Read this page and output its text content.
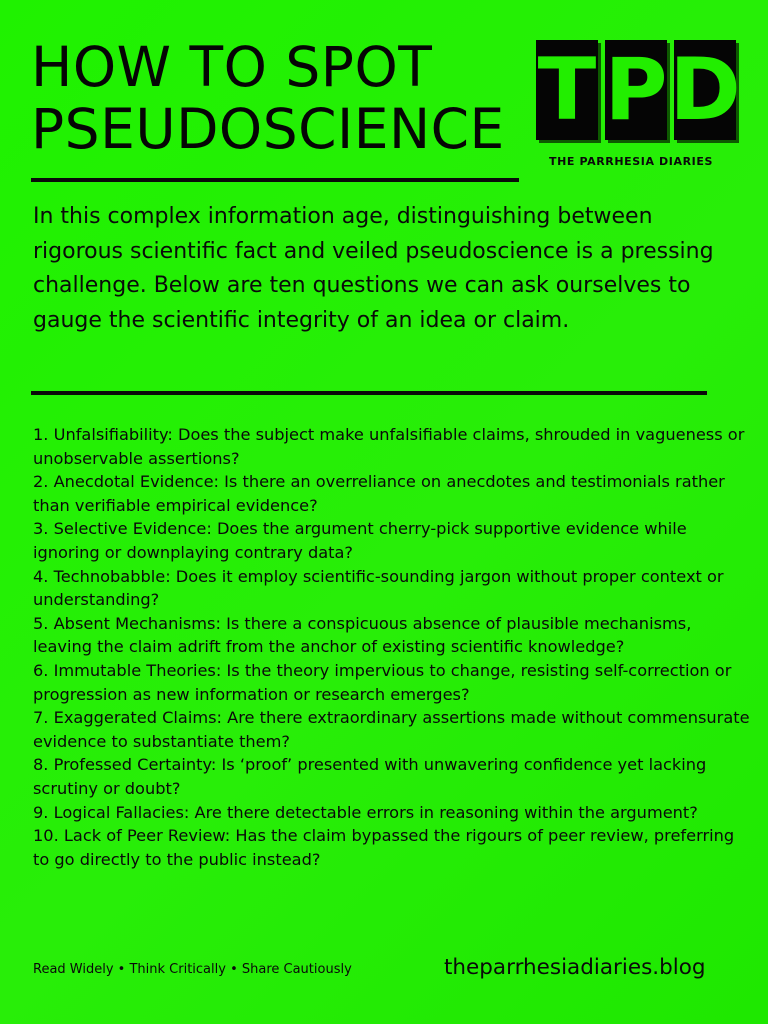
HOW TO SPOT
PSEUDOSCIENCE T P D
THE PARRHESIA DIARIES

In this complex information age, distinguishing between rigorous scientific fact and veiled pseudoscience is a pressing challenge. Below are ten questions we can ask ourselves to gauge the scientific integrity of an idea or claim.

1. Unfalsifiability: Does the subject make unfalsifiable claims, shrouded in vagueness or unobservable assertions?
2. Anecdotal Evidence: Is there an overreliance on anecdotes and testimonials rather than verifiable empirical evidence?
3. Selective Evidence: Does the argument cherry-pick supportive evidence while ignoring or downplaying contrary data?
4. Technobabble: Does it employ scientific-sounding jargon without proper context or understanding?
5. Absent Mechanisms: Is there a conspicuous absence of plausible mechanisms, leaving the claim adrift from the anchor of existing scientific knowledge?
6. Immutable Theories: Is the theory impervious to change, resisting self-correction or progression as new information or research emerges?
7. Exaggerated Claims: Are there extraordinary assertions made without commensurate evidence to substantiate them?
8. Professed Certainty: Is ‘proof’ presented with unwavering confidence yet lacking scrutiny or doubt?
9. Logical Fallacies: Are there detectable errors in reasoning within the argument?
10. Lack of Peer Review: Has the claim bypassed the rigours of peer review, preferring to go directly to the public instead?
Read Widely • Think Critically • Share Cautiously	theparrhesiadiaries.blog
